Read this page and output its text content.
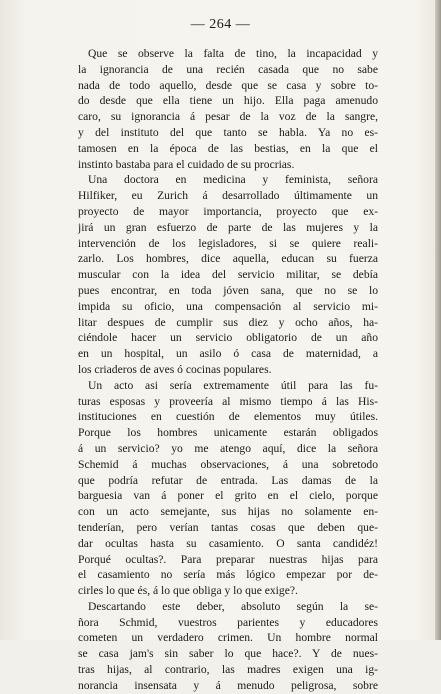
— 264 —
Que se observe la falta de tino, la incapacidad y
la ignorancia de una recién casada que no sabe
nada de todo aquello, desde que se casa y sobre to-
do desde que ella tiene un hijo. Ella paga amenudo
caro, su ignorancia á pesar de la voz de la sangre,
y del instituto del que tanto se habla. Ya no es-
tamosen en la época de las bestias, en la que el
instinto bastaba para el cuidado de su procrias.
Una doctora en medicina y feminista, señora
Hilfiker, eu Zurich á desarrollado últimamente un
proyecto de mayor importancia, proyecto que ex-
jirá un gran esfuerzo de parte de las mujeres y la
intervención de los legisladores, si se quiere reali-
zarlo. Los hombres, dice aquella, educan su fuerza
muscular con la idea del servicio militar, se debía
pues encontrar, en toda jóven sana, que no se lo
impida su oficio, una compensación al servicio mi-
litar despues de cumplir sus diez y ocho años, ha-
ciéndole hacer un servicio obligatorio de un año
en un hospital, un asilo ó casa de maternidad, a
los criaderos de aves ó cocinas populares.
Un acto asi sería extremamente útil para las fu-
turas esposas y proveería al mismo tiempo á las His-
instituciones en cuestión de elementos muy útiles.
Porque los hombres unicamente estarán obligados
á un servicio? yo me atengo aquí, dice la señora
Schemid á muchas observaciones, á una sobretodo
que podría refutar de entrada. Las damas de la
barguesia van á poner el grito en el cielo, porque
con un acto semejante, sus hijas no solamente en-
tenderían, pero verían tantas cosas que deben que-
dar ocultas hasta su casamiento. O santa candidéz!
Porqué ocultas?. Para preparar nuestras hijas para
el casamiento no sería más lógico empezar por de-
cirles lo que és, á lo que obliga y lo que exige?.
Descartando este deber, absoluto según la se-
ñora Schmid, vuestros parientes y educadores
cometen un verdadero crimen. Un hombre normal
se casa jam's sin saber lo que hace?. Y de nues-
tras hijas, al contrario, las madres exigen una ig-
norancia insensata y á menudo peligrosa, sobre
